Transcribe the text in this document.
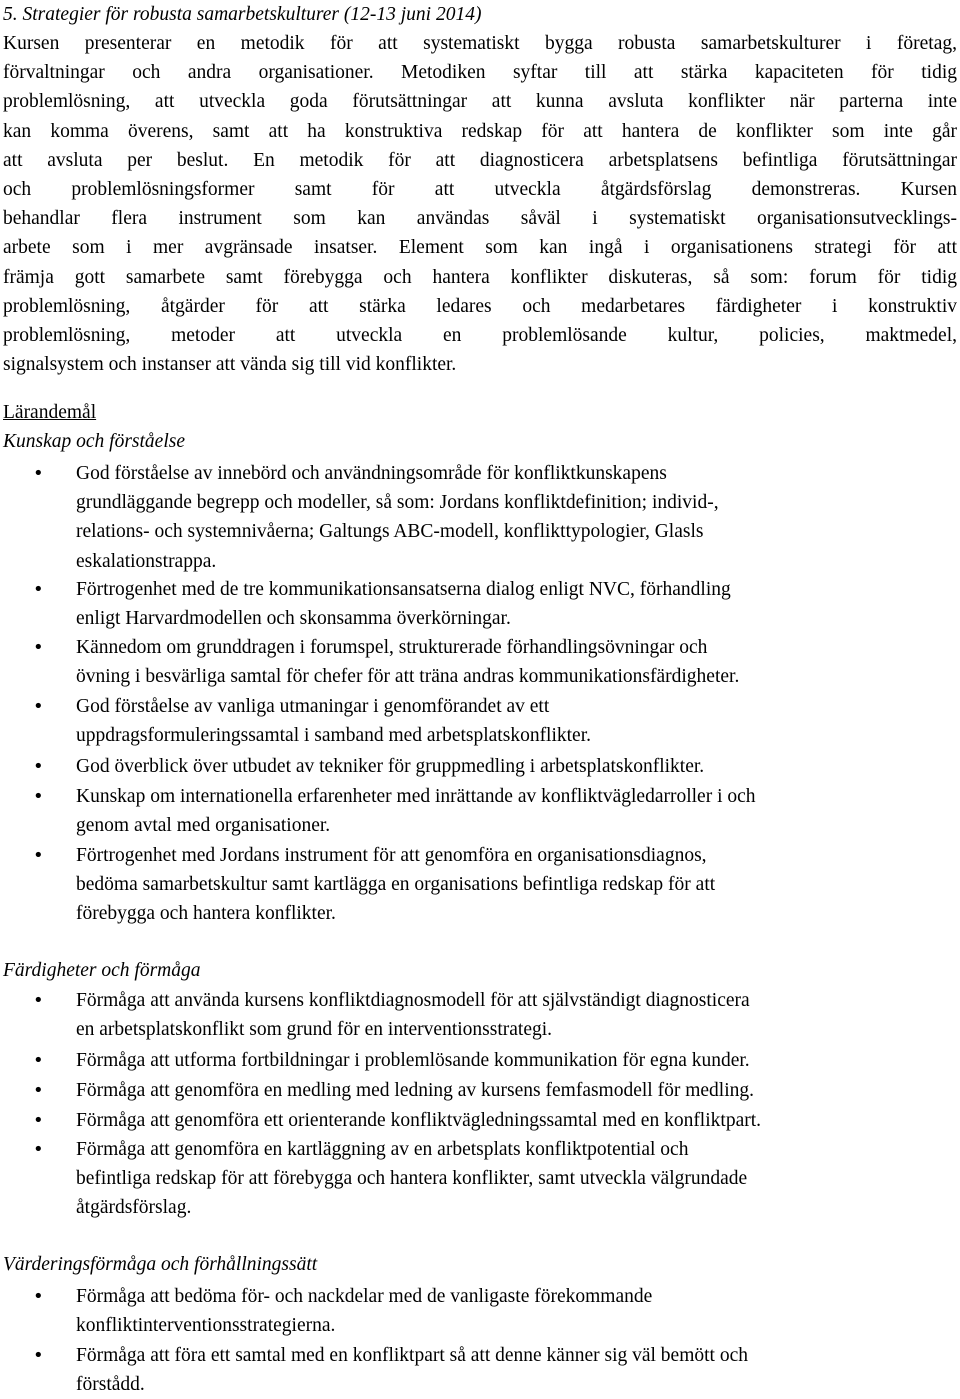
5. Strategier för robusta samarbetskulturer (12-13 juni 2014)
Kursen presenterar en metodik för att systematiskt bygga robusta samarbetskulturer i företag,
förvaltningar och andra organisationer. Metodiken syftar till att stärka kapaciteten för tidig
problemlösning, att utveckla goda förutsättningar att kunna avsluta konflikter när parterna inte
kan komma överens, samt att ha konstruktiva redskap för att hantera de konflikter som inte går
att avsluta per beslut. En metodik för att diagnosticera arbetsplatsens befintliga förutsättningar
och problemlösningsformer samt för att utveckla åtgärdsförslag demonstreras. Kursen
behandlar flera instrument som kan användas såväl i systematiskt organisationsutvecklings-
arbete som i mer avgränsade insatser. Element som kan ingå i organisationens strategi för att
främja gott samarbete samt förebygga och hantera konflikter diskuteras, så som: forum för tidig
problemlösning, åtgärder för att stärka ledares och medarbetares färdigheter i konstruktiv
problemlösning, metoder att utveckla en problemlösande kultur, policies, maktmedel,
signalsystem och instanser att vända sig till vid konflikter.
Lärandemål
Kunskap och förståelse
•
God förståelse av innebörd och användningsområde för konfliktkunskapens
grundläggande begrepp och modeller, så som: Jordans konfliktdefinition; individ-,
relations- och systemnivåerna; Galtungs ABC-modell, konflikttypologier, Glasls
eskalationstrappa.
•
Förtrogenhet med de tre kommunikationsansatserna dialog enligt NVC, förhandling
enligt Harvardmodellen och skonsamma överkörningar.
•
Kännedom om grunddragen i forumspel, strukturerade förhandlingsövningar och
övning i besvärliga samtal för chefer för att träna andras kommunikationsfärdigheter.
•
God förståelse av vanliga utmaningar i genomförandet av ett
uppdragsformuleringssamtal i samband med arbetsplatskonflikter.
•
God överblick över utbudet av tekniker för gruppmedling i arbetsplatskonflikter.
•
Kunskap om internationella erfarenheter med inrättande av konfliktvägledarroller i och
genom avtal med organisationer.
•
Förtrogenhet med Jordans instrument för att genomföra en organisationsdiagnos,
bedöma samarbetskultur samt kartlägga en organisations befintliga redskap för att
förebygga och hantera konflikter.
Färdigheter och förmåga
•
Förmåga att använda kursens konfliktdiagnosmodell för att självständigt diagnosticera
en arbetsplatskonflikt som grund för en interventionsstrategi.
•
Förmåga att utforma fortbildningar i problemlösande kommunikation för egna kunder.
•
Förmåga att genomföra en medling med ledning av kursens femfasmodell för medling.
•
Förmåga att genomföra ett orienterande konfliktvägledningssamtal med en konfliktpart.
•
Förmåga att genomföra en kartläggning av en arbetsplats konfliktpotential och
befintliga redskap för att förebygga och hantera konflikter, samt utveckla välgrundade
åtgärdsförslag.
Värderingsförmåga och förhållningssätt
•
Förmåga att bedöma för- och nackdelar med de vanligaste förekommande
konfliktinterventionsstrategierna.
•
Förmåga att föra ett samtal med en konfliktpart så att denne känner sig väl bemött och
förstådd.
